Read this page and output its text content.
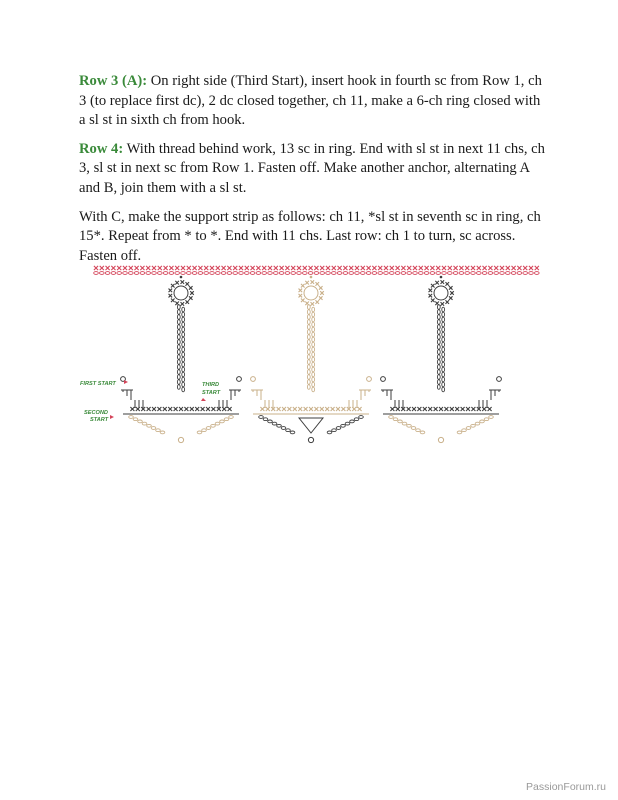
Row 3 (A): On right side (Third Start), insert hook in fourth sc from Row 1, ch 3 (to replace first dc), 2 dc closed together, ch 11, make a 6-ch ring closed with a sl st in sixth ch from hook.

Row 4: With thread behind work, 13 sc in ring. End with sl st in next 11 chs, ch 3, sl st in next sc from Row 1. Fasten off. Make another anchor, alternating A and B, join them with a sl st.

With C, make the support strip as follows: ch 11, *sl st in seventh sc in ring, ch 15*. Repeat from * to *. End with 11 chs. Last row: ch 1 to turn, sc across. Fasten off.

FIRST START
SECOND
START
THIRD
START
PassionForum.ru
